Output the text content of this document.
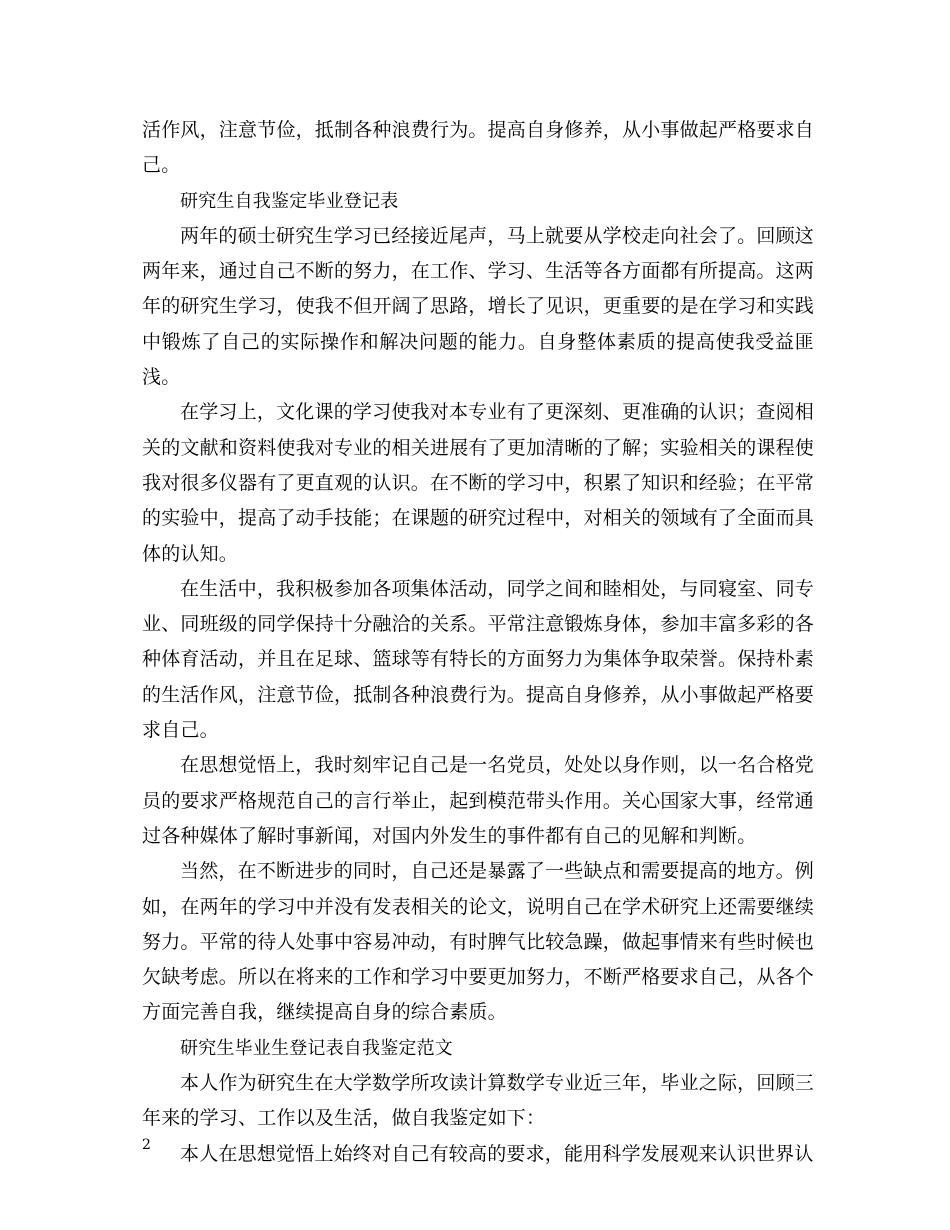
活作风，注意节俭，抵制各种浪费行为。提高自身修养，从小事做起严格要求自己。

研究生自我鉴定毕业登记表

两年的硕士研究生学习已经接近尾声，马上就要从学校走向社会了。回顾这两年来，通过自己不断的努力，在工作、学习、生活等各方面都有所提高。这两年的研究生学习，使我不但开阔了思路，增长了见识，更重要的是在学习和实践中锻炼了自己的实际操作和解决问题的能力。自身整体素质的提高使我受益匪浅。

在学习上，文化课的学习使我对本专业有了更深刻、更准确的认识；查阅相关的文献和资料使我对专业的相关进展有了更加清晰的了解；实验相关的课程使我对很多仪器有了更直观的认识。在不断的学习中，积累了知识和经验；在平常的实验中，提高了动手技能；在课题的研究过程中，对相关的领域有了全面而具体的认知。

在生活中，我积极参加各项集体活动，同学之间和睦相处，与同寝室、同专业、同班级的同学保持十分融洽的关系。平常注意锻炼身体，参加丰富多彩的各种体育活动，并且在足球、篮球等有特长的方面努力为集体争取荣誉。保持朴素的生活作风，注意节俭，抵制各种浪费行为。提高自身修养，从小事做起严格要求自己。

在思想觉悟上，我时刻牢记自己是一名党员，处处以身作则，以一名合格党员的要求严格规范自己的言行举止，起到模范带头作用。关心国家大事，经常通过各种媒体了解时事新闻，对国内外发生的事件都有自己的见解和判断。

当然，在不断进步的同时，自己还是暴露了一些缺点和需要提高的地方。例如，在两年的学习中并没有发表相关的论文，说明自己在学术研究上还需要继续努力。平常的待人处事中容易冲动，有时脾气比较急躁，做起事情来有些时候也欠缺考虑。所以在将来的工作和学习中要更加努力，不断严格要求自己，从各个方面完善自我，继续提高自身的综合素质。

研究生毕业生登记表自我鉴定范文

本人作为研究生在大学数学所攻读计算数学专业近三年，毕业之际，回顾三年来的学习、工作以及生活，做自我鉴定如下：

本人在思想觉悟上始终对自己有较高的要求，能用科学发展观来认识世界认

2
